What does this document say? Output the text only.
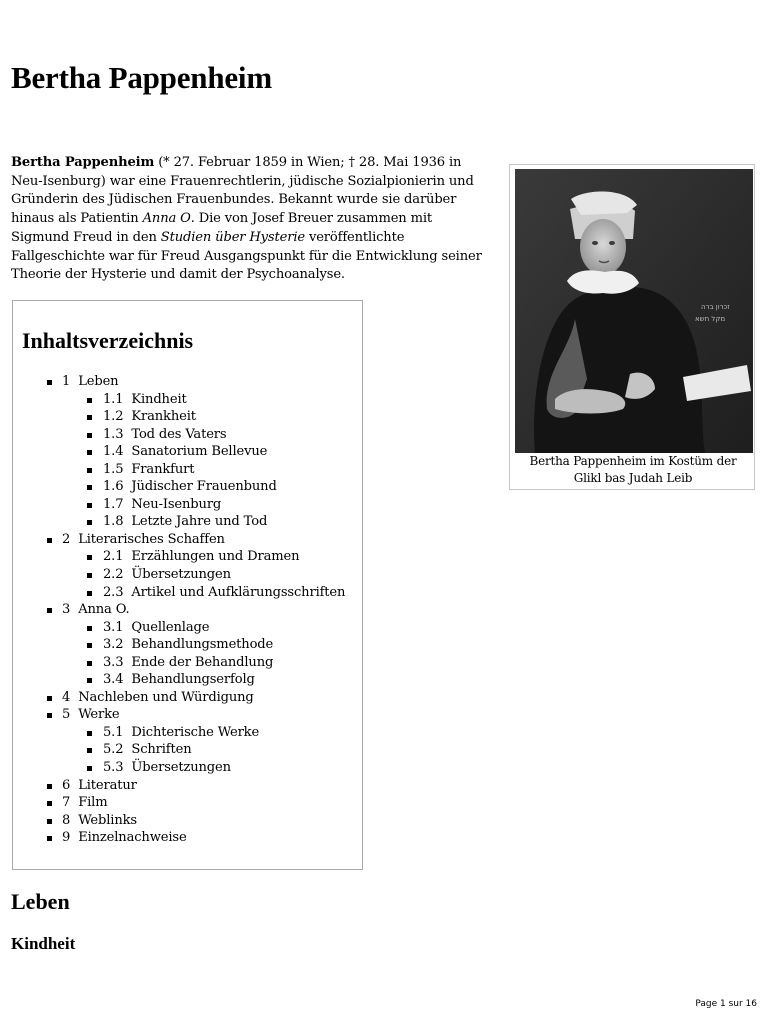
Bertha Pappenheim

Bertha Pappenheim (* 27. Februar 1859 in Wien; † 28. Mai 1936 in Neu-Isenburg) war eine Frauenrechtlerin, jüdische Sozialpionierin und Gründerin des Jüdischen Frauenbundes. Bekannt wurde sie darüber hinaus als Patientin Anna O. Die von Josef Breuer zusammen mit Sigmund Freud in den Studien über Hysterie veröffentlichte Fallgeschichte war für Freud Ausgangspunkt für die Entwicklung seiner Theorie der Hysterie und damit der Psychoanalyse.

זכרון ברה
מקל חשא
Bertha Pappenheim im Kostüm der Glikl bas Judah Leib
Inhaltsverzeichnis
1 Leben
1.1 Kindheit
1.2 Krankheit
1.3 Tod des Vaters
1.4 Sanatorium Bellevue
1.5 Frankfurt
1.6 Jüdischer Frauenbund
1.7 Neu-Isenburg
1.8 Letzte Jahre und Tod
2 Literarisches Schaffen
2.1 Erzählungen und Dramen
2.2 Übersetzungen
2.3 Artikel und Aufklärungsschriften
3 Anna O.
3.1 Quellenlage
3.2 Behandlungsmethode
3.3 Ende der Behandlung
3.4 Behandlungserfolg
4 Nachleben und Würdigung
5 Werke
5.1 Dichterische Werke
5.2 Schriften
5.3 Übersetzungen
6 Literatur
7 Film
8 Weblinks
9 Einzelnachweise
Leben
Kindheit
Page 1 sur 16
